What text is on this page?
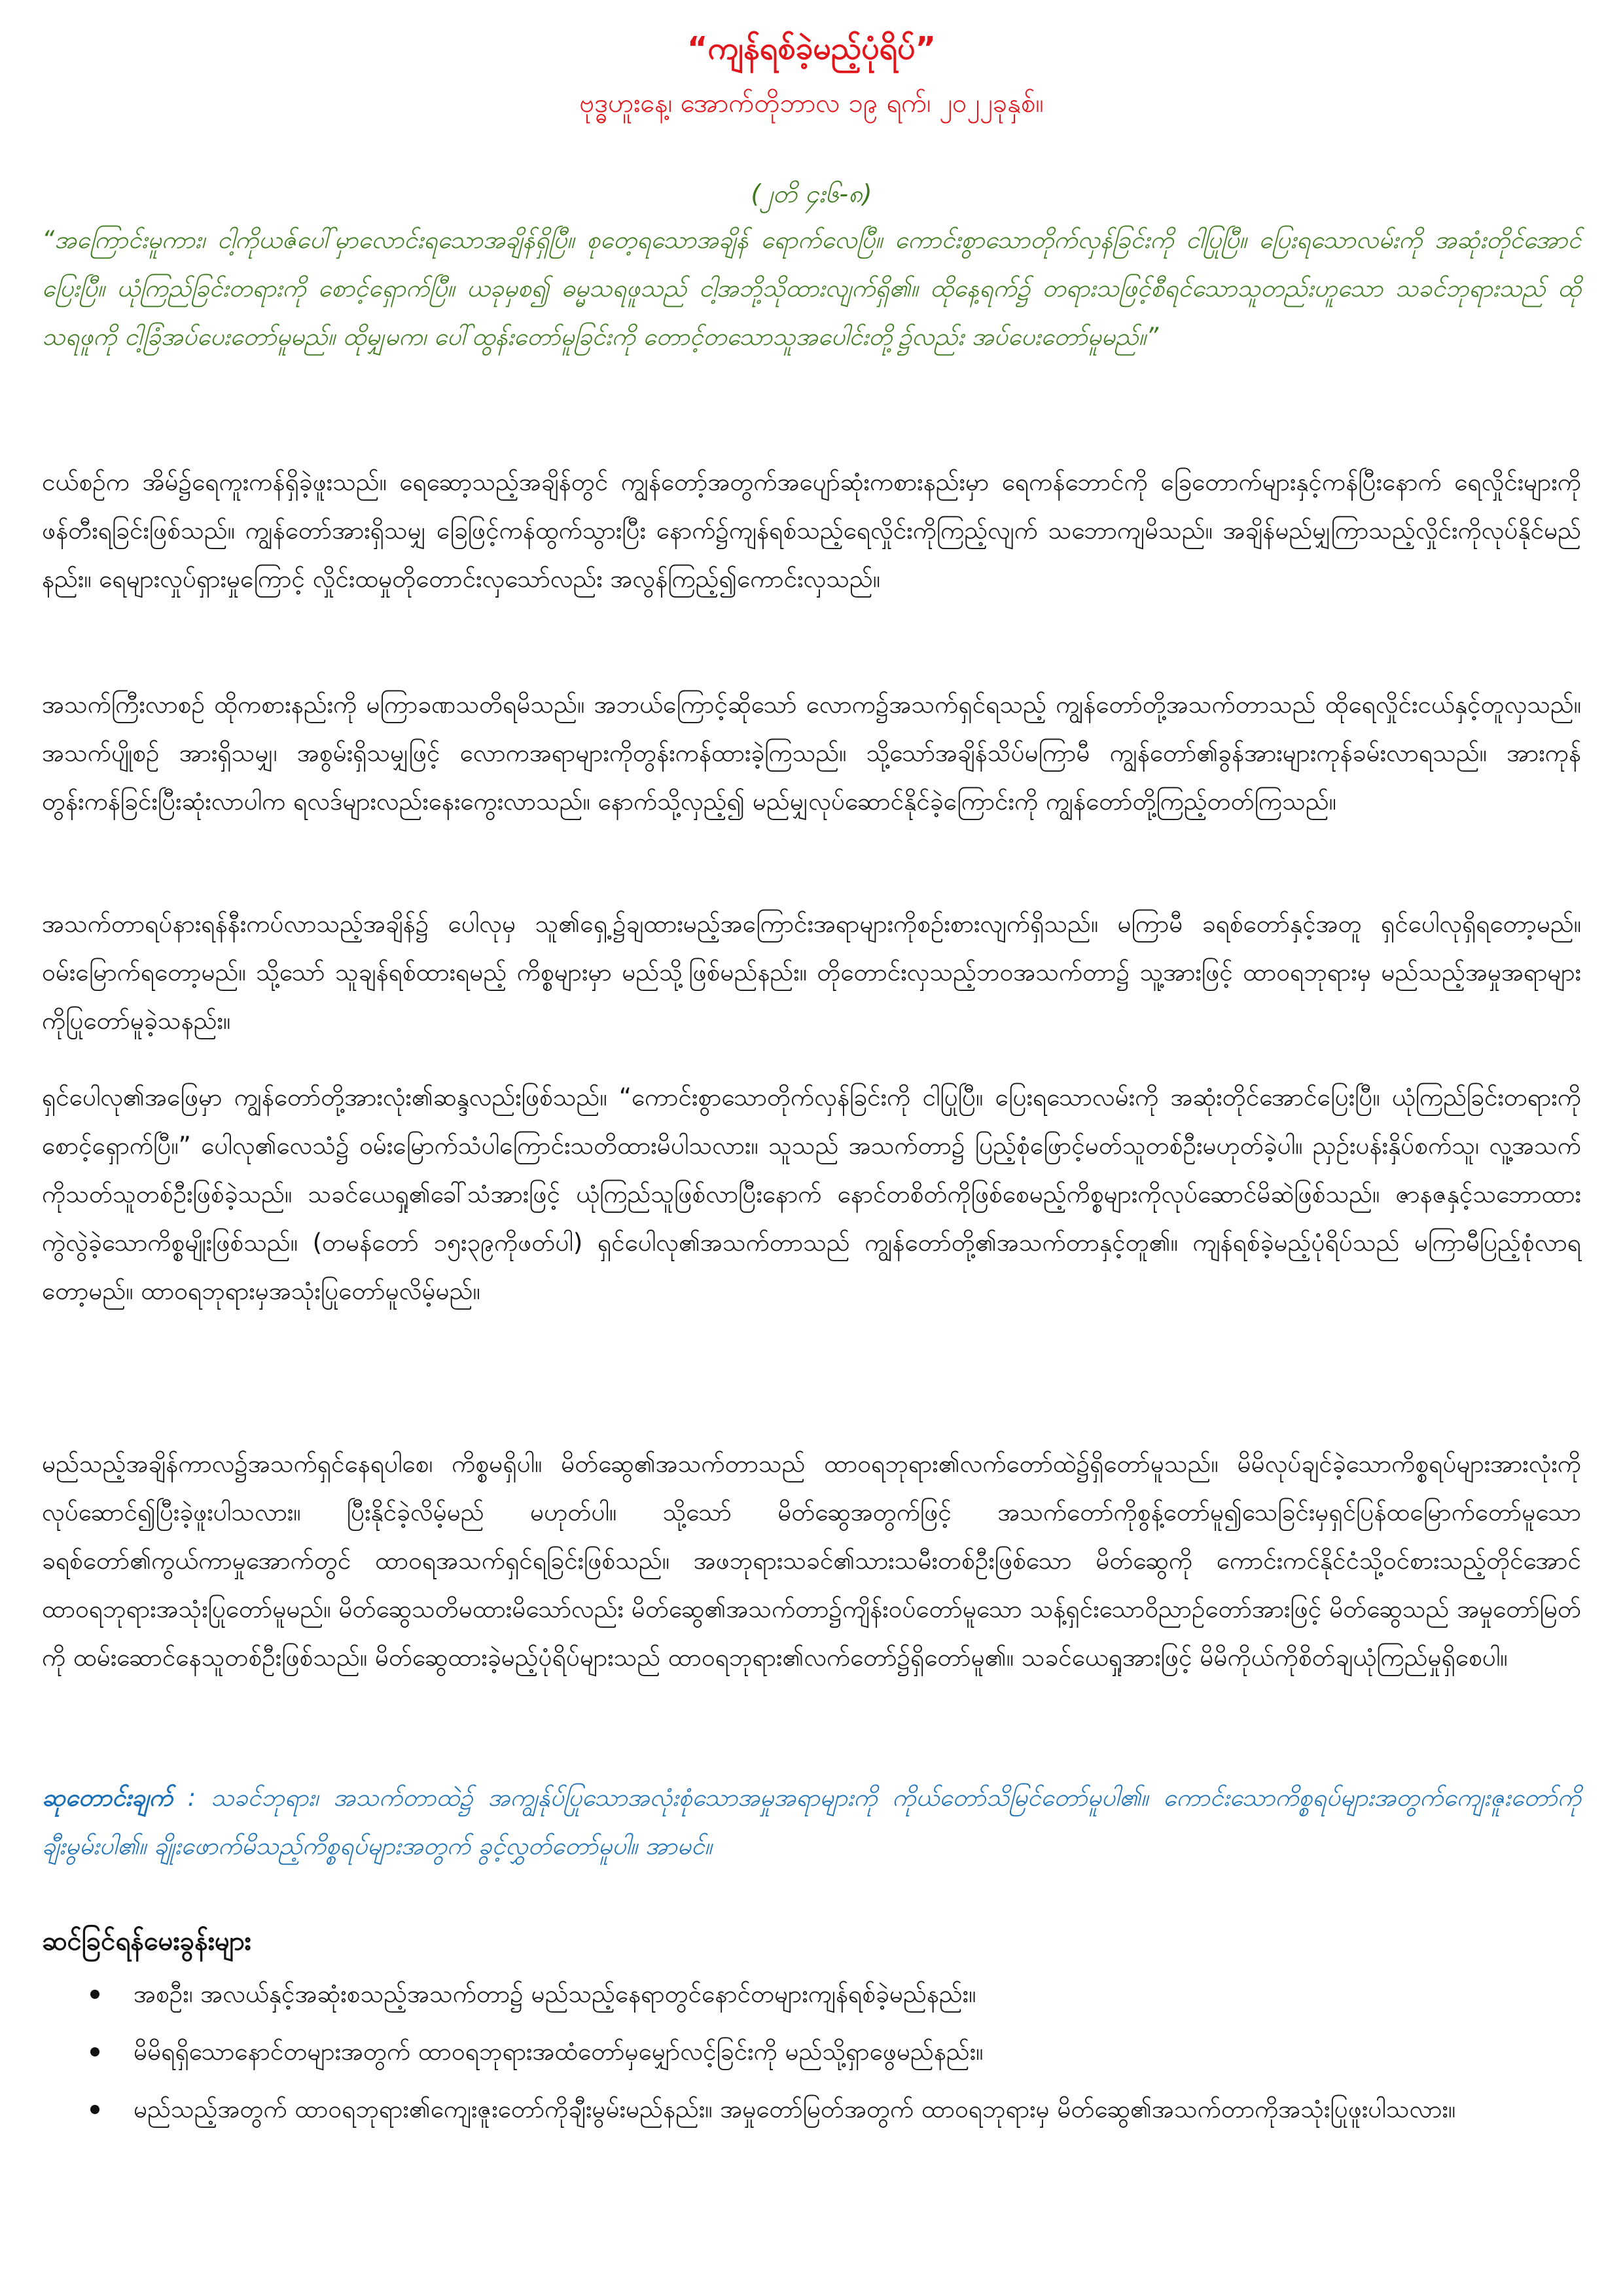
“ကျန်ရစ်ခဲ့မည့်ပုံရိပ်”
ဗုဒ္ဓဟူးနေ့၊ အောက်တိုဘာလ ၁၉ ရက်၊ ၂၀၂၂ခုနှစ်။
(၂တိ ၄း၆-၈)
“အကြောင်းမူကား၊ ငါ့ကိုယဇ်ပေါ်မှာလောင်းရသောအချိန်ရှိပြီ။ စုတေ့ရသောအချိန် ရောက်လေပြီ။ ကောင်းစွာသောတိုက်လှန်ခြင်းကို ငါပြုပြီ။ ပြေးရသောလမ်းကို အဆုံးတိုင်အောင်ပြေးပြီ။ ယုံကြည်ခြင်းတရားကို စောင့်ရှောက်ပြီ။ ယခုမှစ၍ ဓမ္မသရဖူသည် ငါ့အဘို့သိုထားလျက်ရှိ၏။ ထိုနေ့ရက်၌ တရားသဖြင့်စီရင်သောသူတည်းဟူသော သခင်ဘုရားသည် ထိုသရဖူကို ငါ့ခြံအပ်ပေးတော်မူမည်။ ထိုမျှမက၊ ပေါ်ထွန်းတော်မူခြင်းကို တောင့်တသောသူအပေါင်းတို့၌လည်း အပ်ပေးတော်မူမည်။”
ငယ်စဉ်က အိမ်၌ရေကူးကန်ရှိခဲ့ဖူးသည်။ ရေဆော့သည့်အချိန်တွင် ကျွန်တော့်အတွက်အပျော်ဆုံးကစားနည်းမှာ ရေကန်ဘောင်ကို ခြေတောက်များနှင့်ကန်ပြီးနောက် ရေလှိုင်းများကိုဖန်တီးရခြင်းဖြစ်သည်။ ကျွန်တော်အားရှိသမျှ ခြေဖြင့်ကန်ထွက်သွားပြီး နောက်၌ကျန်ရစ်သည့်ရေလှိုင်းကိုကြည့်လျက် သဘောကျမိသည်။ အချိန်မည်မျှကြာသည့်လှိုင်းကိုလုပ်နိုင်မည်နည်း။ ရေများလှုပ်ရှားမှုကြောင့် လှိုင်းထမှုတိုတောင်းလှသော်လည်း အလွန်ကြည့်၍ကောင်းလှသည်။
အသက်ကြီးလာစဉ် ထိုကစားနည်းကို မကြာခဏသတိရမိသည်။ အဘယ်ကြောင့်ဆိုသော် လောက၌အသက်ရှင်ရသည့် ကျွန်တော်တို့အသက်တာသည် ထိုရေလှိုင်းငယ်နှင့်တူလှသည်။ အသက်ပျိုစဉ် အားရှိသမျှ၊ အစွမ်းရှိသမျှဖြင့် လောကအရာများကိုတွန်းကန်ထားခဲ့ကြသည်။ သို့သော်အချိန်သိပ်မကြာမီ ကျွန်တော်၏ခွန်အားများကုန်ခမ်းလာရသည်။ အားကုန်တွန်းကန်ခြင်းပြီးဆုံးလာပါက ရလဒ်များလည်းနေးကွေးလာသည်။ နောက်သို့လှည့်၍ မည်မျှလုပ်ဆောင်နိုင်ခဲ့ကြောင်းကို ကျွန်တော်တို့ကြည့်တတ်ကြသည်။
အသက်တာရပ်နားရန်နီးကပ်လာသည့်အချိန်၌ ပေါလုမှ သူ၏ရှေ့၌ချထားမည့်အကြောင်းအရာများကိုစဉ်းစားလျက်ရှိသည်။ မကြာမီ ခရစ်တော်နှင့်အတူ ရှင်ပေါလုရှိရတော့မည်။ ဝမ်းမြောက်ရတော့မည်။ သို့သော် သူချန်ရစ်ထားရမည့် ကိစ္စများမှာ မည်သို့ဖြစ်မည်နည်း။ တိုတောင်းလှသည့်ဘဝအသက်တာ၌ သူ့အားဖြင့် ထာဝရဘုရားမှ မည်သည့်အမှုအရာများကိုပြုတော်မူခဲ့သနည်း။
ရှင်ပေါလု၏အဖြေမှာ ကျွန်တော်တို့အားလုံး၏ဆန္ဒလည်းဖြစ်သည်။ “ကောင်းစွာသောတိုက်လှန်ခြင်းကို ငါပြုပြီ။ ပြေးရသောလမ်းကို အဆုံးတိုင်အောင်ပြေးပြီ။ ယုံကြည်ခြင်းတရားကိုစောင့်ရှောက်ပြီ။” ပေါလု၏လေသံ၌ ဝမ်းမြောက်သံပါကြောင်းသတိထားမိပါသလား။ သူသည် အသက်တာ၌ ပြည့်စုံဖြောင့်မတ်သူတစ်ဦးမဟုတ်ခဲ့ပါ။ ညှဉ်းပန်းနှိပ်စက်သူ၊ လူ့အသက်ကိုသတ်သူတစ်ဦးဖြစ်ခဲ့သည်။ သခင်ယေရှု၏ခေါ်သံအားဖြင့် ယုံကြည်သူဖြစ်လာပြီးနောက် နောင်တစိတ်ကိုဖြစ်စေမည့်ကိစ္စများကိုလုပ်ဆောင်မိဆဲဖြစ်သည်။ ဇာနဇနှင့်သဘောထားကွဲလွဲခဲ့သောကိစ္စမျိုးဖြစ်သည်။ (တမန်တော် ၁၅း၃၉ကိုဖတ်ပါ) ရှင်ပေါလု၏အသက်တာသည် ကျွန်တော်တို့၏အသက်တာနှင့်တူ၏။ ကျန်ရစ်ခဲ့မည့်ပုံရိပ်သည် မကြာမီပြည့်စုံလာရတော့မည်။ ထာဝရဘုရားမှအသုံးပြုတော်မူလိမ့်မည်။
မည်သည့်အချိန်ကာလ၌အသက်ရှင်နေရပါစေ၊ ကိစ္စမရှိပါ။ မိတ်ဆွေ၏အသက်တာသည် ထာဝရဘုရား၏လက်တော်ထဲ၌ရှိတော်မူသည်။ မိမိလုပ်ချင်ခဲ့သောကိစ္စရပ်များအားလုံးကို လုပ်ဆောင်၍ပြီးခဲ့ဖူးပါသလား။ ပြီးနိုင်ခဲ့လိမ့်မည် မဟုတ်ပါ။ သို့သော် မိတ်ဆွေအတွက်ဖြင့် အသက်တော်ကိုစွန့်တော်မူ၍သေခြင်းမှရှင်ပြန်ထမြောက်တော်မူသော ခရစ်တော်၏ကွယ်ကာမှုအောက်တွင် ထာဝရအသက်ရှင်ရခြင်းဖြစ်သည်။ အဖဘုရားသခင်၏သားသမီးတစ်ဦးဖြစ်သော မိတ်ဆွေကို ကောင်းကင်နိုင်ငံသို့ဝင်စားသည့်တိုင်အောင် ထာဝရဘုရားအသုံးပြုတော်မူမည်။ မိတ်ဆွေသတိမထားမိသော်လည်း မိတ်ဆွေ၏အသက်တာ၌ကျိန်းဝပ်တော်မူသော သန့်ရှင်းသောဝိညာဉ်တော်အားဖြင့် မိတ်ဆွေသည် အမှုတော်မြတ်ကို ထမ်းဆောင်နေသူတစ်ဦးဖြစ်သည်။ မိတ်ဆွေထားခဲ့မည့်ပုံရိပ်များသည် ထာဝရဘုရား၏လက်တော်၌ရှိတော်မူ၏။ သခင်ယေရှုအားဖြင့် မိမိကိုယ်ကိုစိတ်ချယုံကြည်မှုရှိစေပါ။
ဆုတောင်းချက် : သခင်ဘုရား၊ အသက်တာထဲ၌ အကျွန်ုပ်ပြုသောအလုံးစုံသောအမှုအရာများကို ကိုယ်တော်သိမြင်တော်မူပါ၏။ ကောင်းသောကိစ္စရပ်များအတွက်ကျေးဇူးတော်ကိုချီးမွမ်းပါ၏။ ချိုးဖောက်မိသည့်ကိစ္စရပ်များအတွက် ခွင့်လွှတ်တော်မူပါ။ အာမင်။
ဆင်ခြင်ရန်မေးခွန်းများ
အစဦး၊ အလယ်နှင့်အဆုံးစသည့်အသက်တာ၌ မည်သည့်နေရာတွင်နောင်တများကျန်ရစ်ခဲ့မည်နည်း။
မိမိရရှိသောနောင်တများအတွက် ထာဝရဘုရားအထံတော်မှမျှော်လင့်ခြင်းကို မည်သို့ရှာဖွေမည်နည်း။
မည်သည့်အတွက် ထာဝရဘုရား၏ကျေးဇူးတော်ကိုချီးမွမ်းမည်နည်း။ အမှုတော်မြတ်အတွက် ထာဝရဘုရားမှ မိတ်ဆွေ၏အသက်တာကိုအသုံးပြုဖူးပါသလား။
